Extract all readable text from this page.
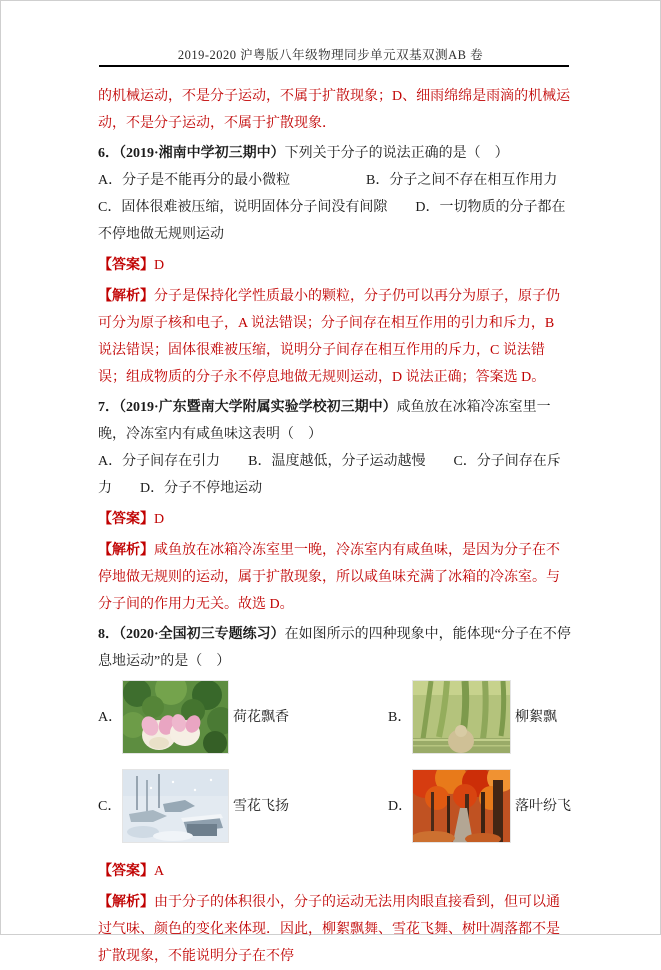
2019-2020 沪粤版八年级物理同步单元双基双测AB 卷

的机械运动，不是分子运动，不属于扩散现象；D、细雨绵绵是雨滴的机械运动，不是分子运动，不属于扩散现象．

6．（2019·湘南中学初三期中）下列关于分子的说法正确的是（　）

A．分子是不能再分的最小微粒	B．分子之间不存在相互作用力

C．固体很难被压缩，说明固体分子间没有间隙　　D．一切物质的分子都在不停地做无规则运动

【答案】D

【解析】分子是保持化学性质最小的颗粒，分子仍可以再分为原子，原子仍可分为原子核和电子，A 说法错误；分子间存在相互作用的引力和斥力，B 说法错误；固体很难被压缩，说明分子间存在相互作用的斥力，C 说法错误；组成物质的分子永不停息地做无规则运动，D 说法正确；答案选 D。

7．（2019·广东暨南大学附属实验学校初三期中）咸鱼放在冰箱冷冻室里一晚，冷冻室内有咸鱼味这表明（　）

A．分子间存在引力　　B．温度越低，分子运动越慢　　C．分子间存在斥力　　D．分子不停地运动

【答案】D

【解析】咸鱼放在冰箱冷冻室里一晚，冷冻室内有咸鱼味，是因为分子在不停地做无规则的运动，属于扩散现象，所以咸鱼味充满了冰箱的冷冻室。与分子间的作用力无关。故选 D。

8．（2020·全国初三专题练习）在如图所示的四种现象中，能体现“分子在不停息地运动”的是（　）

A．	荷花飘香	B．	柳絮飘
C．	雪花飞扬	D．	落叶纷飞

【答案】A

【解析】由于分子的体积很小，分子的运动无法用肉眼直接看到，但可以通过气味、颜色的变化来体现．因此，柳絮飘舞、雪花飞舞、树叶凋落都不是扩散现象，不能说明分子在不停
